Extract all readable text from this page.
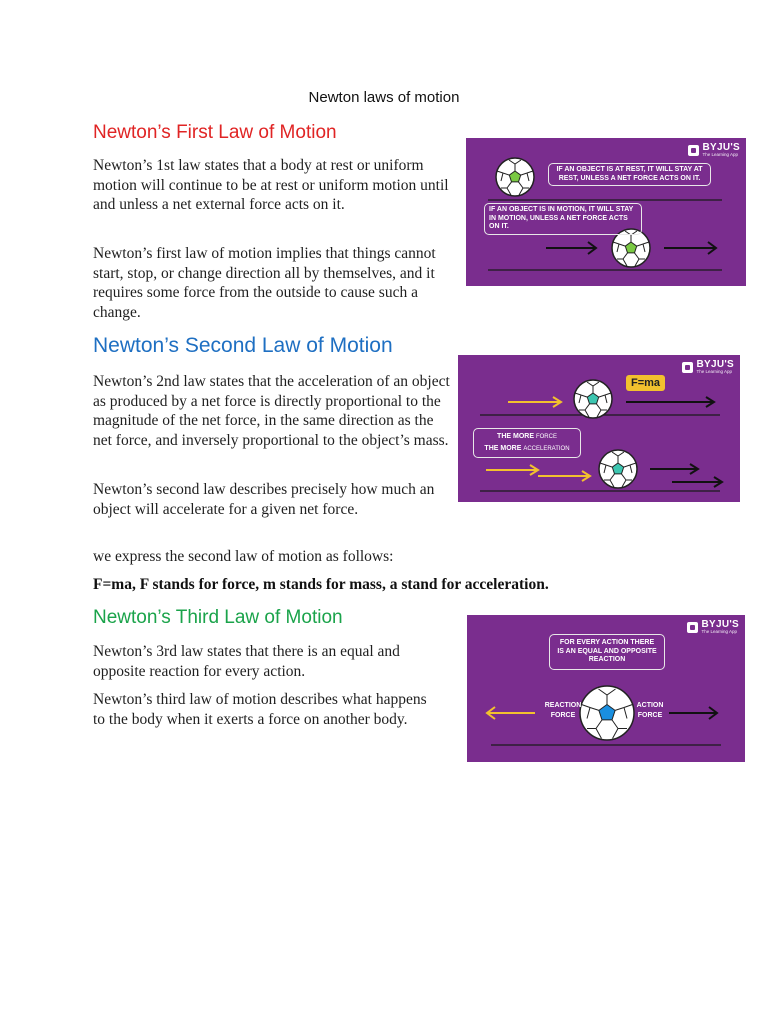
Newton laws of motion
Newton’s First Law of Motion

Newton’s 1st law states that a body at rest or uniform motion will continue to be at rest or uniform motion until and unless a net external force acts on it.

Newton’s first law of motion implies that things cannot start, stop, or change direction all by themselves, and it requires some force from the outside to cause such a change.

BYJU'S
The Learning App
IF AN OBJECT IS AT REST, IT WILL STAY AT REST, UNLESS A NET FORCE ACTS ON IT.
IF AN OBJECT IS IN MOTION, IT WILL STAY IN MOTION, UNLESS A NET FORCE ACTS ON IT.
Newton’s Second Law of Motion

Newton’s 2nd law states that the acceleration of an object as produced by a net force is directly proportional to the magnitude of the net force, in the same direction as the net force, and inversely proportional to the object’s mass.

Newton’s second law describes precisely how much an object will accelerate for a given net force.

we express the second law of motion as follows:

F=ma, F stands for force, m stands for mass, a stand for acceleration.

BYJU'S
The Learning App
F=ma
THE MORE FORCE
THE MORE ACCELERATION
Newton’s Third Law of Motion

Newton’s 3rd law states that there is an equal and opposite reaction for every action.

Newton’s third law of motion describes what happens to the body when it exerts a force on another body.

BYJU'S
The Learning App
FOR EVERY ACTION THERE IS AN EQUAL AND OPPOSITE REACTION
REACTION FORCE
ACTION FORCE
